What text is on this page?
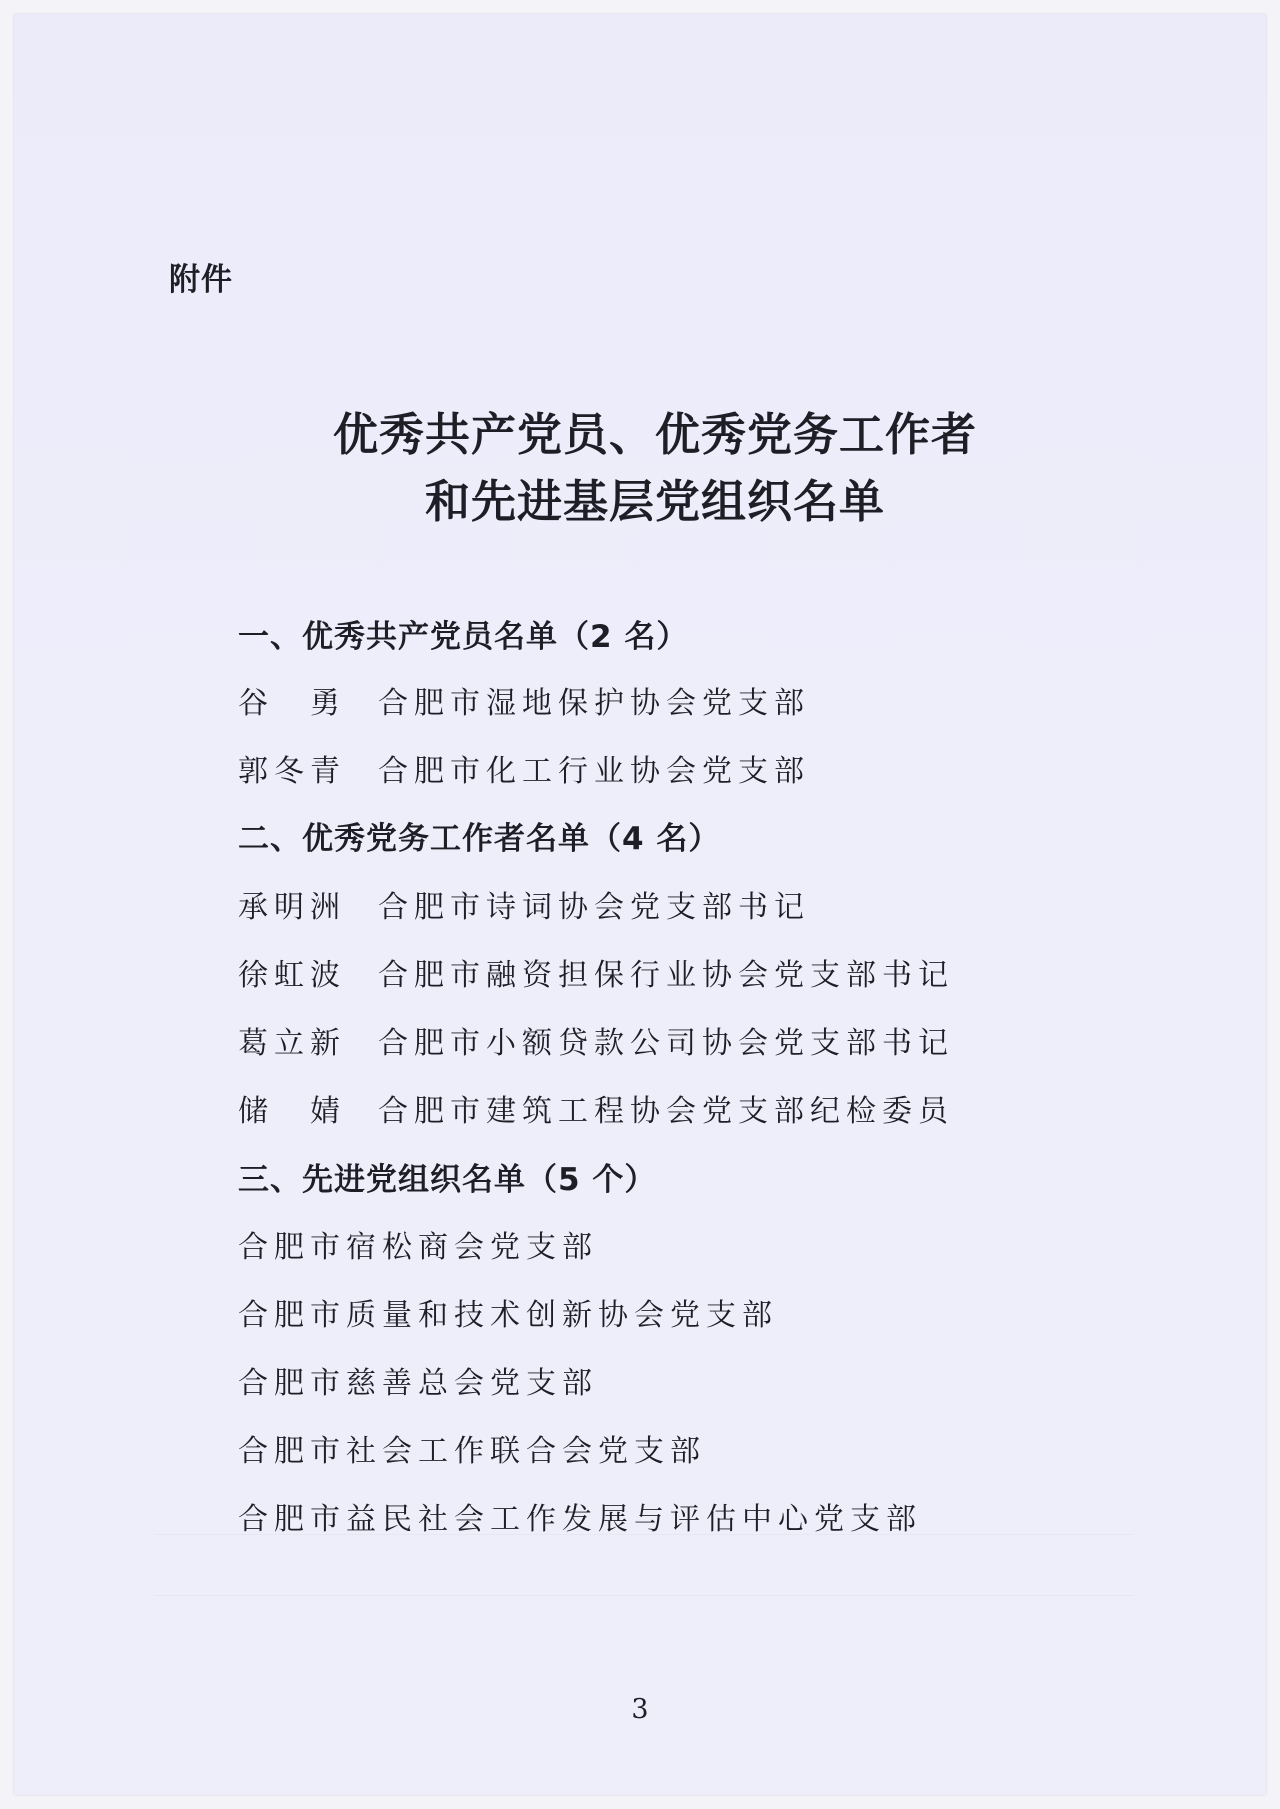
附件
优秀共产党员、优秀党务工作者
和先进基层党组织名单
一、优秀共产党员名单（2 名）
谷　勇 合肥市湿地保护协会党支部
郭冬青 合肥市化工行业协会党支部
二、优秀党务工作者名单（4 名）
承明洲 合肥市诗词协会党支部书记
徐虹波 合肥市融资担保行业协会党支部书记
葛立新 合肥市小额贷款公司协会党支部书记
储　婧 合肥市建筑工程协会党支部纪检委员
三、先进党组织名单（5 个）
合肥市宿松商会党支部
合肥市质量和技术创新协会党支部
合肥市慈善总会党支部
合肥市社会工作联合会党支部
合肥市益民社会工作发展与评估中心党支部
3
